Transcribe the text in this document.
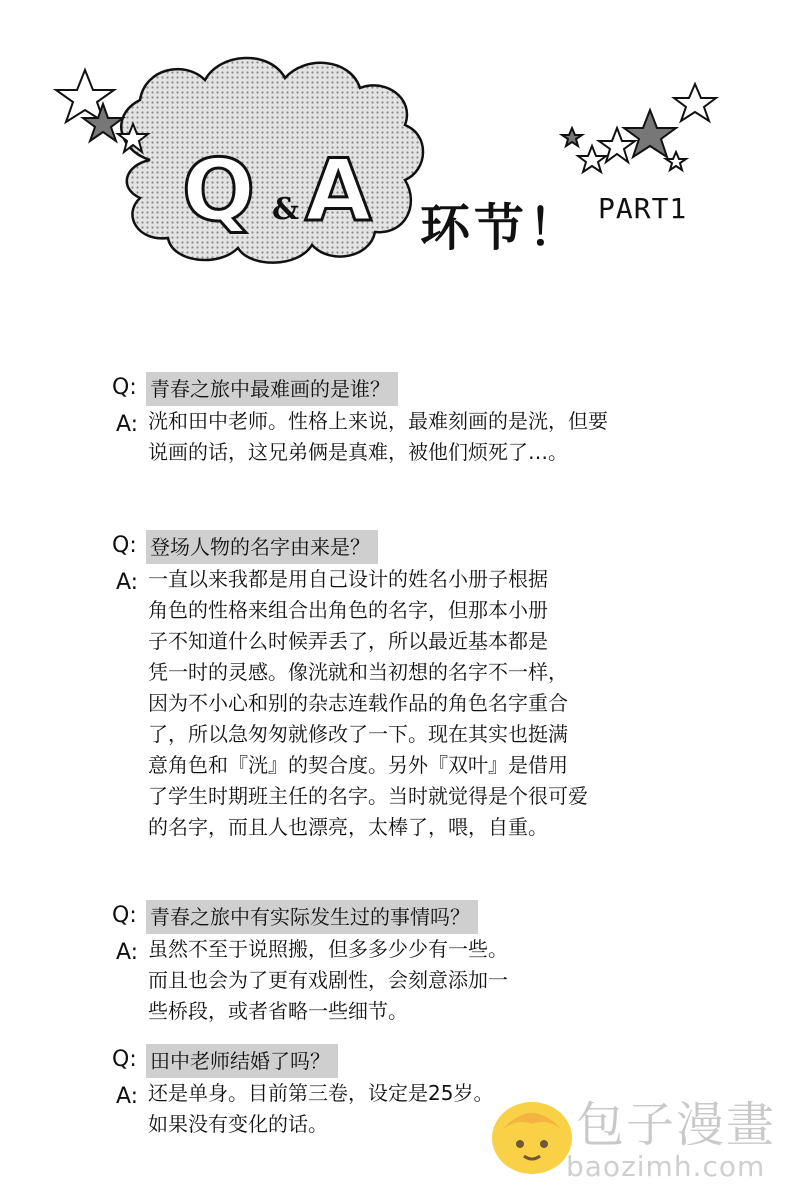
Q & A 环节！ PART1
Q: 青春之旅中最难画的是谁？
A: 洸和田中老师。性格上来说，最难刻画的是洸，但要
说画的话，这兄弟俩是真难，被他们烦死了…。
Q: 登场人物的名字由来是？
A: 一直以来我都是用自己设计的姓名小册子根据
角色的性格来组合出角色的名字，但那本小册
子不知道什么时候弄丢了，所以最近基本都是
凭一时的灵感。像洸就和当初想的名字不一样，
因为不小心和别的杂志连载作品的角色名字重合
了，所以急匆匆就修改了一下。现在其实也挺满
意角色和『洸』的契合度。另外『双叶』是借用
了学生时期班主任的名字。当时就觉得是个很可爱
的名字，而且人也漂亮，太棒了，喂，自重。
Q: 青春之旅中有实际发生过的事情吗？
A: 虽然不至于说照搬，但多多少少有一些。
而且也会为了更有戏剧性，会刻意添加一
些桥段，或者省略一些细节。
Q: 田中老师结婚了吗？
A: 还是单身。目前第三卷，设定是25岁。
如果没有变化的话。	包子漫畫
baozimh.com
